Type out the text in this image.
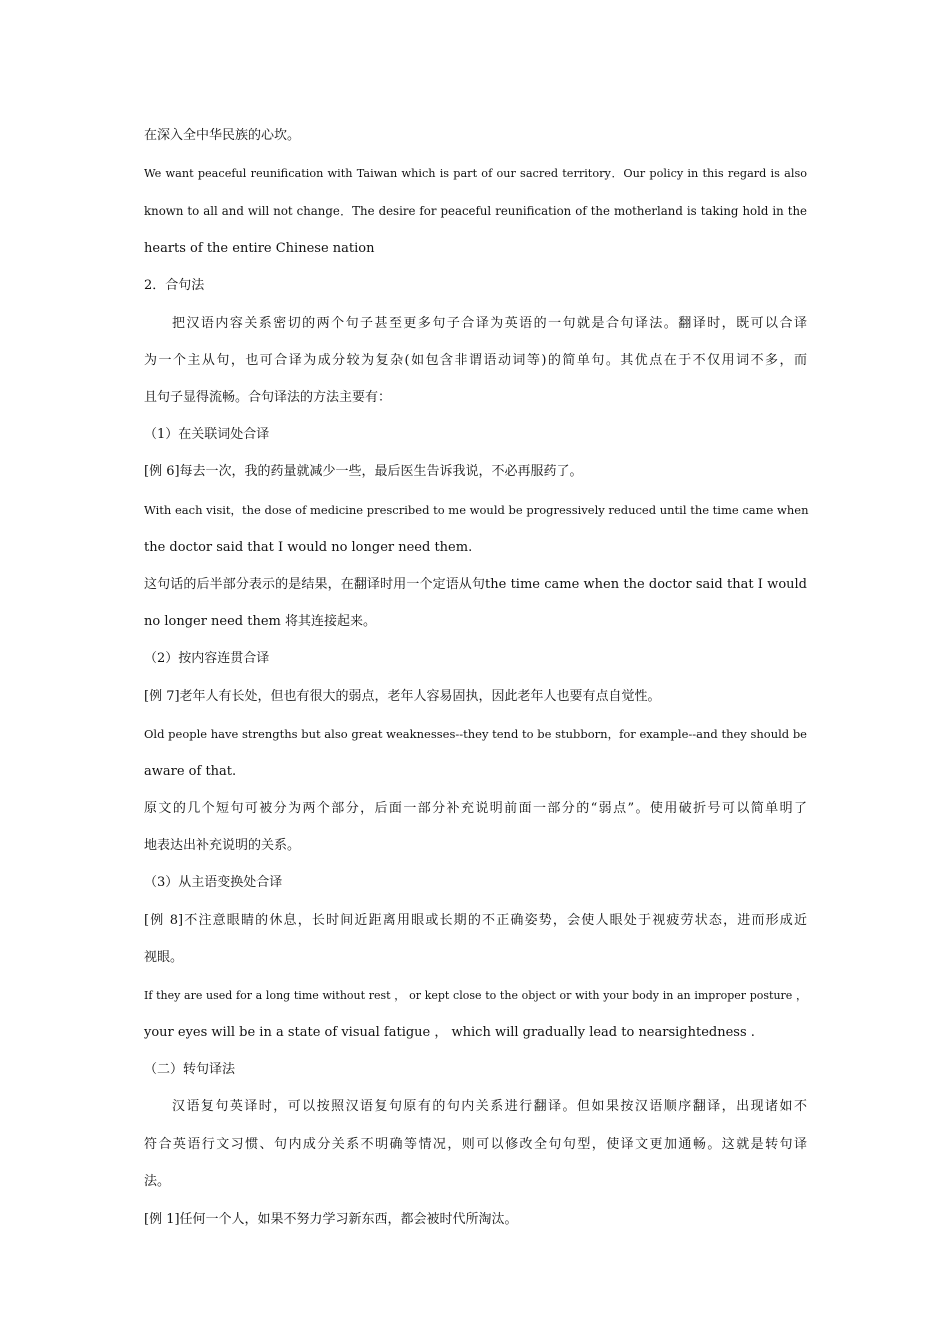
在深入全中华民族的心坎。

We want peaceful reunification with Taiwan which is part of our sacred territory．Our policy in this regard is also

known to all and will not change．The desire for peaceful reunification of the motherland is taking hold in the

hearts of the entire Chinese nation

2．合句法

把汉语内容关系密切的两个句子甚至更多句子合译为英语的一句就是合句译法。翻译时，既可以合译

为一个主从句，也可合译为成分较为复杂(如包含非谓语动词等)的简单句。其优点在于不仅用词不多，而

且句子显得流畅。合句译法的方法主要有：

（1）在关联词处合译

[例 6]每去一次，我的药量就减少一些，最后医生告诉我说，不必再服药了。

With each visit，the dose of medicine prescribed to me would be progressively reduced until the time came when

the doctor said that I would no longer need them.

这句话的后半部分表示的是结果，在翻译时用一个定语从句the time came when the doctor said that I would

no longer need them 将其连接起来。

（2）按内容连贯合译

[例 7]老年人有长处，但也有很大的弱点，老年人容易固执，因此老年人也要有点自觉性。

Old people have strengths but also great weaknesses--they tend to be stubborn，for example--and they should be

aware of that.

原文的几个短句可被分为两个部分，后面一部分补充说明前面一部分的“弱点”。使用破折号可以简单明了

地表达出补充说明的关系。

（3）从主语变换处合译

[例 8]不注意眼睛的休息，长时间近距离用眼或长期的不正确姿势，会使人眼处于视疲劳状态，进而形成近

视眼。

If they are used for a long time without rest ， or kept close to the object or with your body in an improper posture ，

your eyes will be in a state of visual fatigue ， which will gradually lead to nearsightedness .

（二）转句译法

汉语复句英译时，可以按照汉语复句原有的句内关系进行翻译。但如果按汉语顺序翻译，出现诸如不

符合英语行文习惯、句内成分关系不明确等情况，则可以修改全句句型，使译文更加通畅。这就是转句译

法。

[例 1]任何一个人，如果不努力学习新东西，都会被时代所淘汰。
